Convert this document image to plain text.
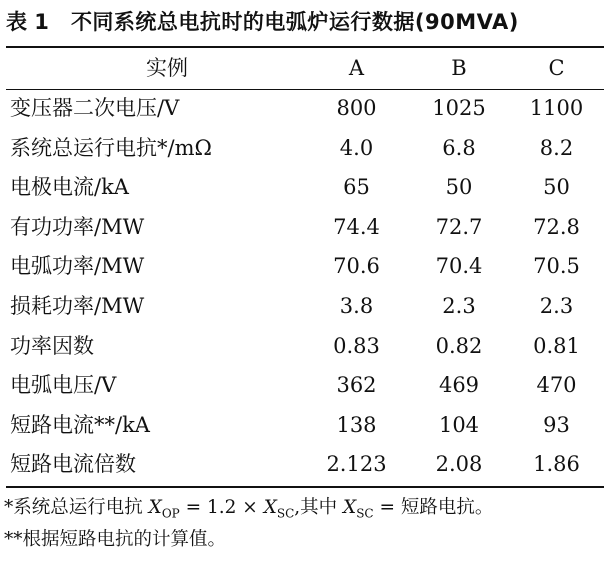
表 1 不同系统总电抗时的电弧炉运行数据(90MVA)
实例	A	B	C
变压器二次电压/V	800	1025	1100
系统总运行电抗*/mΩ	4.0	6.8	8.2
电极电流/kA	65	50	50
有功功率/MW	74.4	72.7	72.8
电弧功率/MW	70.6	70.4	70.5
损耗功率/MW	3.8	2.3	2.3
功率因数	0.83	0.82	0.81
电弧电压/V	362	469	470
短路电流**/kA	138	104	93
短路电流倍数	2.123	2.08	1.86
*系统总运行电抗 $X_{OP} = 1.2 \times X_{SC}$,其中 $X_{SC}$ = 短路电抗。
**根据短路电抗的计算值。
